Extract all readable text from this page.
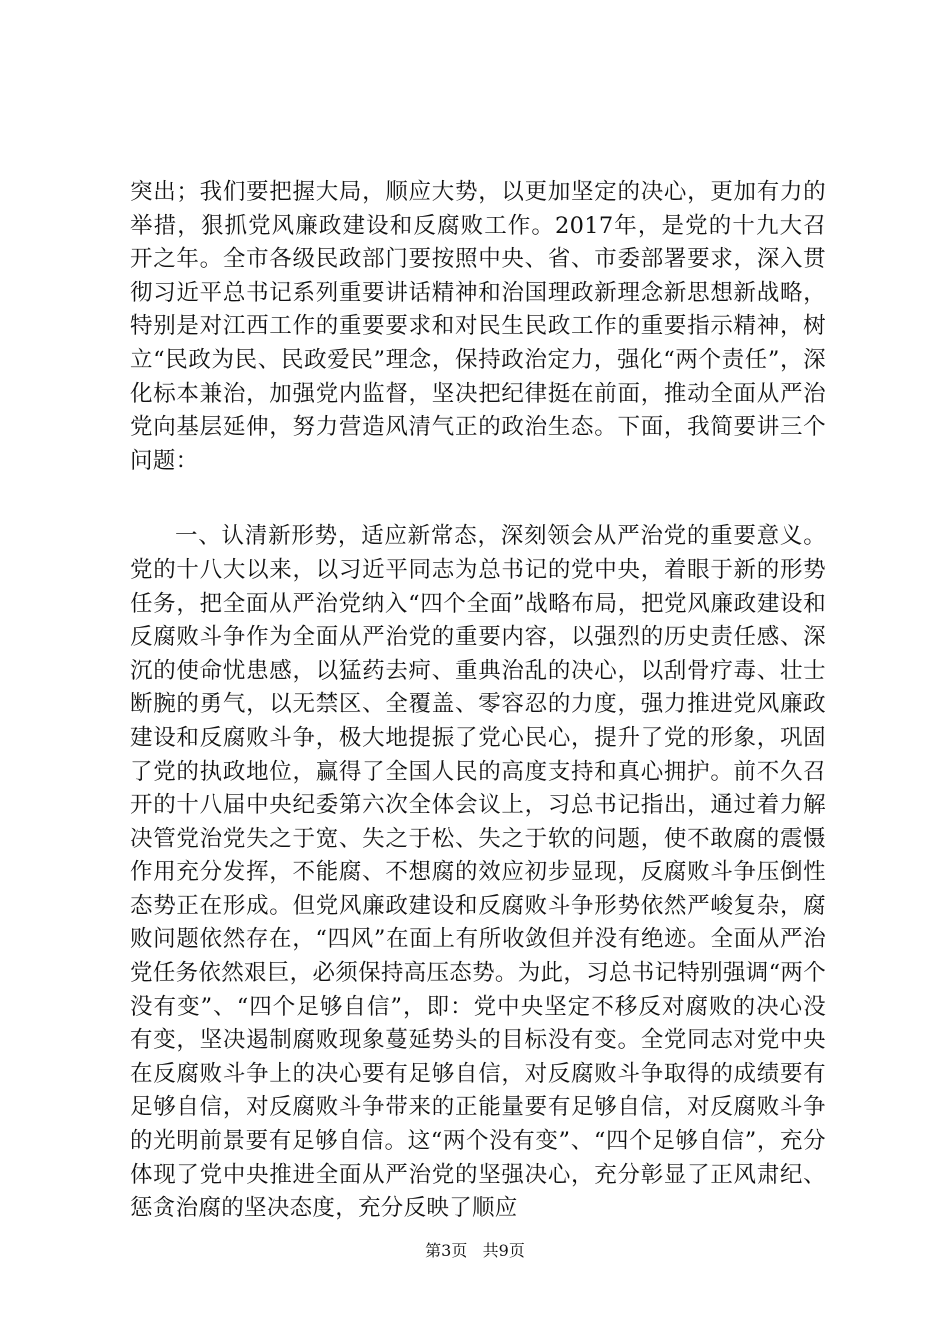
突出；我们要把握大局，顺应大势，以更加坚定的决心，更加有力的举措，狠抓党风廉政建设和反腐败工作。2017年，是党的十九大召开之年。全市各级民政部门要按照中央、省、市委部署要求，深入贯彻习近平总书记系列重要讲话精神和治国理政新理念新思想新战略，特别是对江西工作的重要要求和对民生民政工作的重要指示精神，树立“民政为民、民政爱民”理念，保持政治定力，强化“两个责任”，深化标本兼治，加强党内监督，坚决把纪律挺在前面，推动全面从严治党向基层延伸，努力营造风清气正的政治生态。下面，我简要讲三个问题：

一、认清新形势，适应新常态，深刻领会从严治党的重要意义。党的十八大以来，以习近平同志为总书记的党中央，着眼于新的形势任务，把全面从严治党纳入“四个全面”战略布局，把党风廉政建设和反腐败斗争作为全面从严治党的重要内容，以强烈的历史责任感、深沉的使命忧患感，以猛药去疴、重典治乱的决心，以刮骨疗毒、壮士断腕的勇气，以无禁区、全覆盖、零容忍的力度，强力推进党风廉政建设和反腐败斗争，极大地提振了党心民心，提升了党的形象，巩固了党的执政地位，赢得了全国人民的高度支持和真心拥护。前不久召开的十八届中央纪委第六次全体会议上，习总书记指出，通过着力解决管党治党失之于宽、失之于松、失之于软的问题，使不敢腐的震慑作用充分发挥，不能腐、不想腐的效应初步显现，反腐败斗争压倒性态势正在形成。但党风廉政建设和反腐败斗争形势依然严峻复杂，腐败问题依然存在，“四风”在面上有所收敛但并没有绝迹。全面从严治党任务依然艰巨，必须保持高压态势。为此，习总书记特别强调“两个没有变”、“四个足够自信”，即：党中央坚定不移反对腐败的决心没有变，坚决遏制腐败现象蔓延势头的目标没有变。全党同志对党中央在反腐败斗争上的决心要有足够自信，对反腐败斗争取得的成绩要有足够自信，对反腐败斗争带来的正能量要有足够自信，对反腐败斗争的光明前景要有足够自信。这“两个没有变”、“四个足够自信”，充分体现了党中央推进全面从严治党的坚强决心，充分彰显了正风肃纪、惩贪治腐的坚决态度，充分反映了顺应

第3页 共9页
